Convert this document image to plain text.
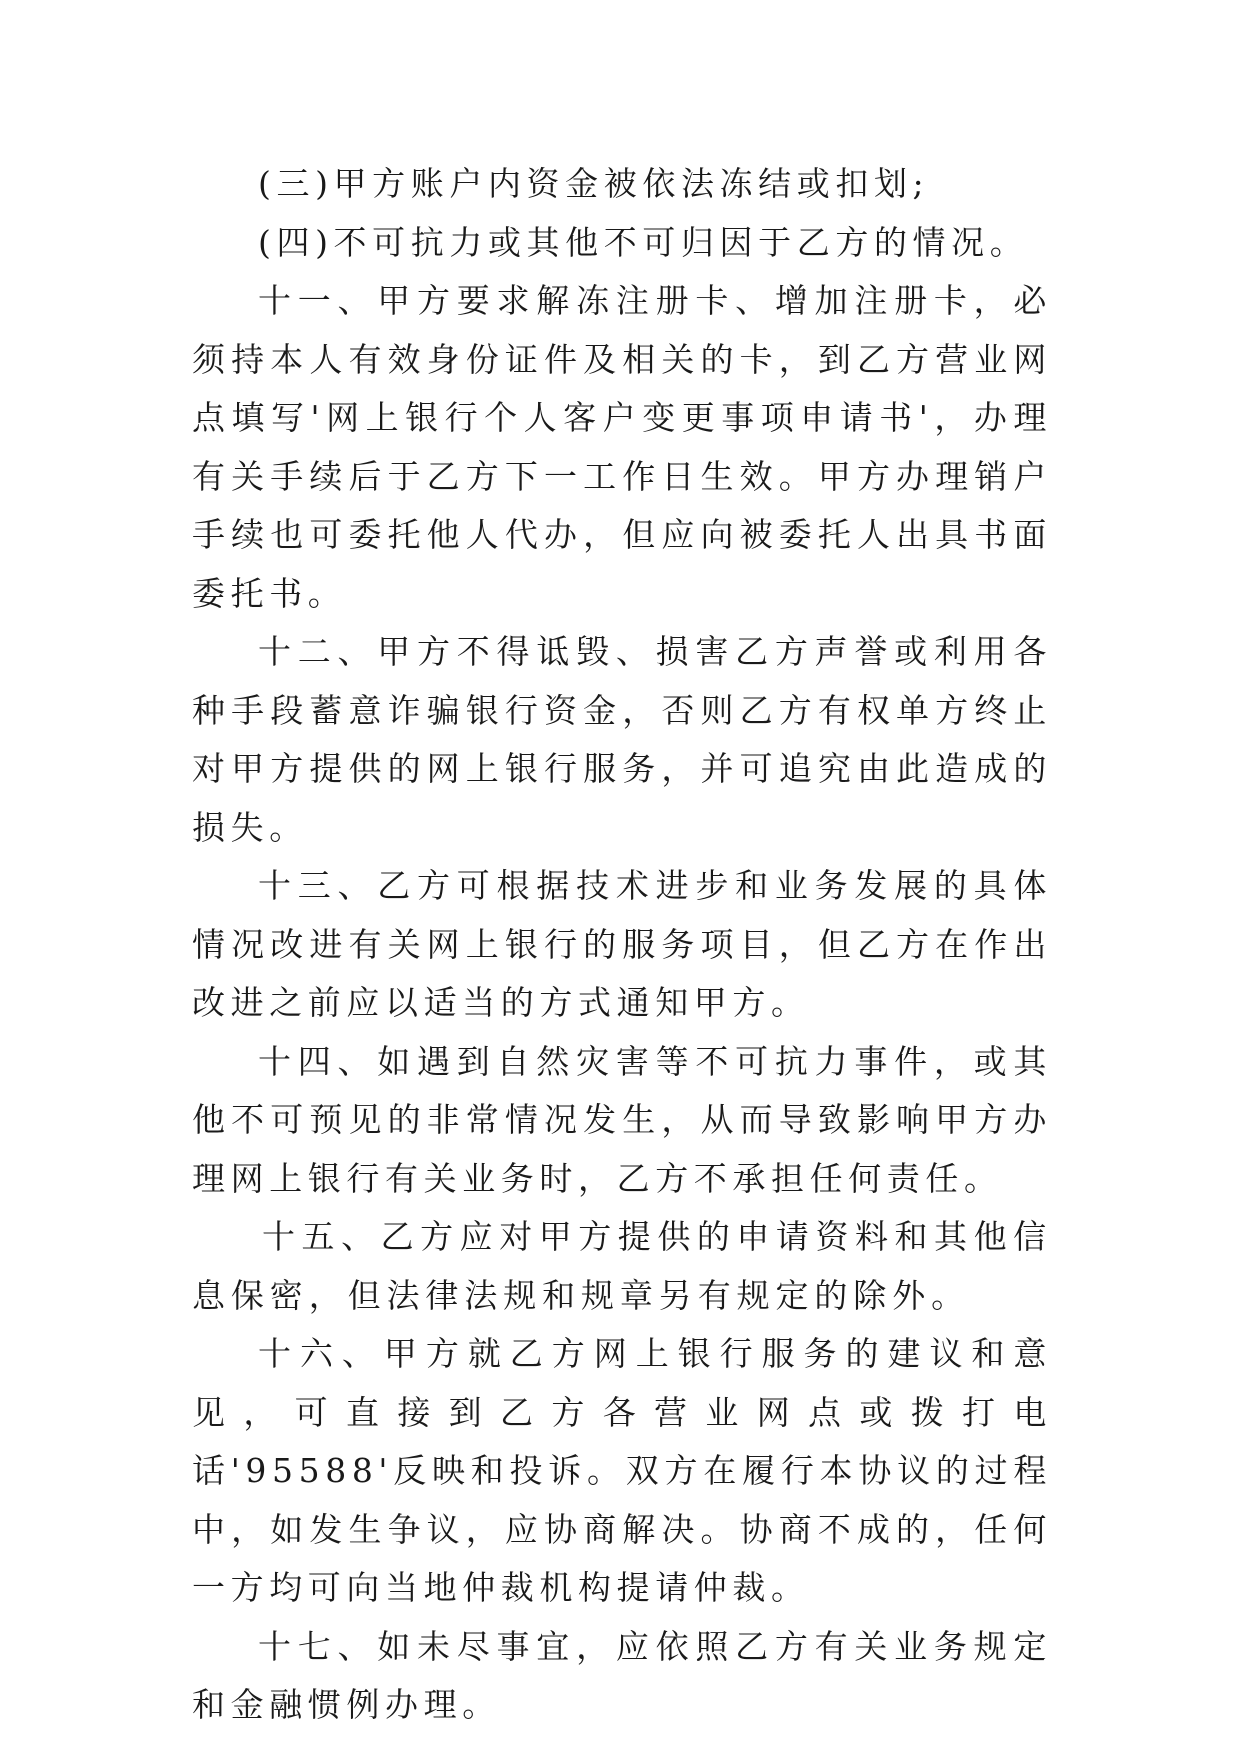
(三)甲方账户内资金被依法冻结或扣划;

(四)不可抗力或其他不可归因于乙方的情况。

十一、甲方要求解冻注册卡、增加注册卡，必须持本人有效身份证件及相关的卡，到乙方营业网点填写'网上银行个人客户变更事项申请书'，办理有关手续后于乙方下一工作日生效。甲方办理销户手续也可委托他人代办，但应向被委托人出具书面委托书。

十二、甲方不得诋毁、损害乙方声誉或利用各种手段蓄意诈骗银行资金，否则乙方有权单方终止对甲方提供的网上银行服务，并可追究由此造成的损失。

十三、乙方可根据技术进步和业务发展的具体情况改进有关网上银行的服务项目，但乙方在作出改进之前应以适当的方式通知甲方。

十四、如遇到自然灾害等不可抗力事件，或其他不可预见的非常情况发生，从而导致影响甲方办理网上银行有关业务时，乙方不承担任何责任。

十五、乙方应对甲方提供的申请资料和其他信息保密，但法律法规和规章另有规定的除外。

十六、甲方就乙方网上银行服务的建议和意见，可直接到乙方各营业网点或拨打电话'95588'反映和投诉。双方在履行本协议的过程中，如发生争议，应协商解决。协商不成的，任何一方均可向当地仲裁机构提请仲裁。

十七、如未尽事宜，应依照乙方有关业务规定和金融惯例办理。
